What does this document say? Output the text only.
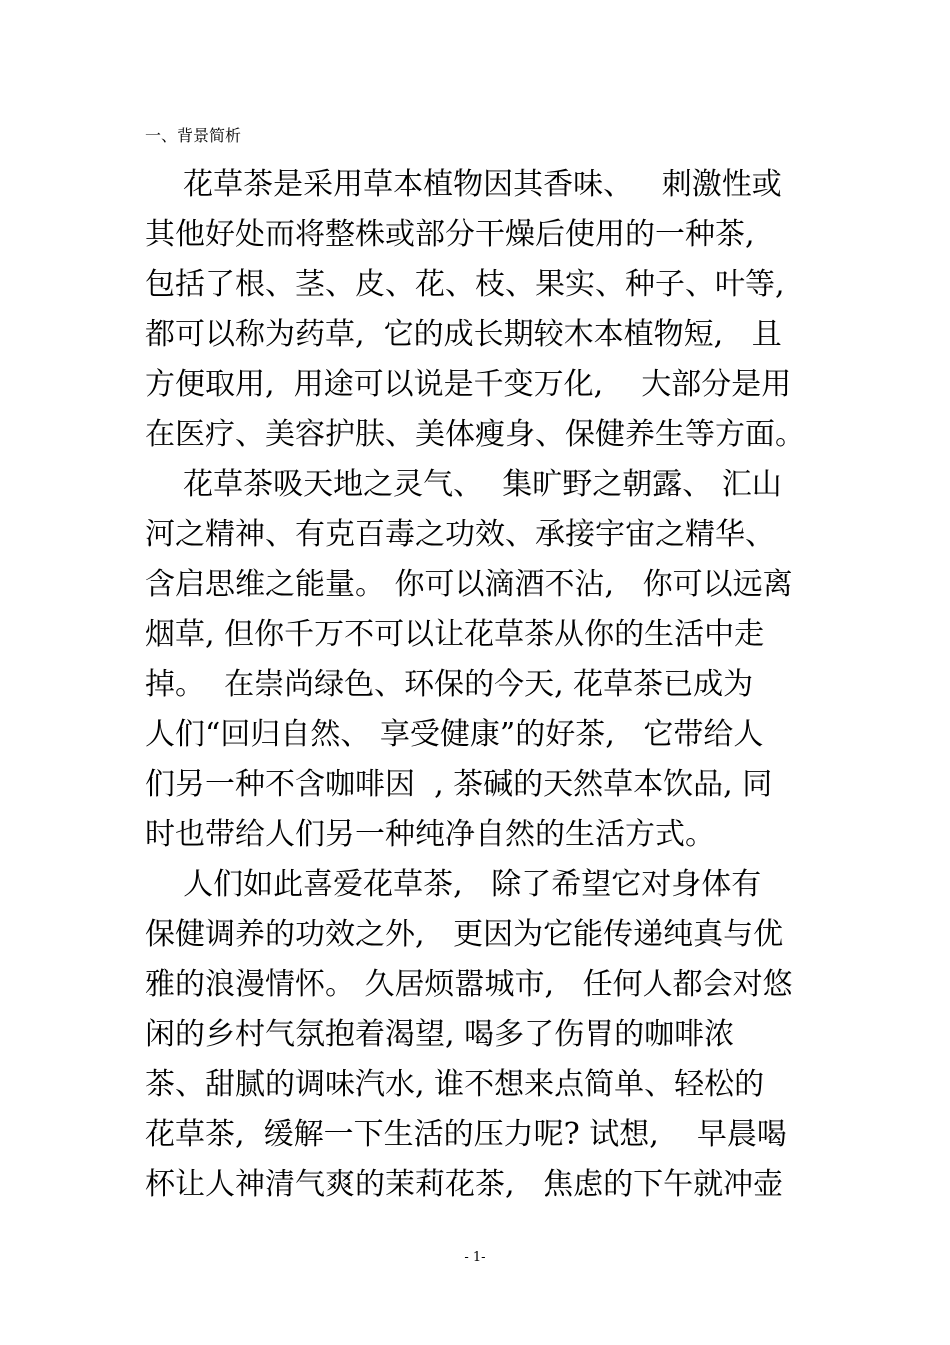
一、背景简析
花草茶是采用草本植物因其香味、   刺激性或
其他好处而将整株或部分干燥后使用的一种茶,
包括了根、茎、皮、花、枝、果实、种子、叶等,
都可以称为药草,  它的成长期较木本植物短,   且
方便取用,  用途可以说是千变万化,    大部分是用
在医疗、美容护肤、美体瘦身、保健养生等方面。
花草茶吸天地之灵气、  集旷野之朝露、 汇山
河之精神、有克百毒之功效、承接宇宙之精华、
含启思维之能量。 你可以滴酒不沾,   你可以远离
烟草, 但你千万不可以让花草茶从你的生活中走
掉。  在崇尚绿色、环保的今天, 花草茶已成为
人们“回归自然、 享受健康”的好茶,   它带给人
们另一种不含咖啡因  , 茶碱的天然草本饮品, 同
时也带给人们另一种纯净自然的生活方式。
人们如此喜爱花草茶,   除了希望它对身体有
保健调养的功效之外,   更因为它能传递纯真与优
雅的浪漫情怀。 久居烦嚣城市,   任何人都会对悠
闲的乡村气氛抱着渴望, 喝多了伤胃的咖啡浓
茶、甜腻的调味汽水, 谁不想来点简单、轻松的
花草茶,  缓解一下生活的压力呢? 试想,    早晨喝
杯让人神清气爽的茉莉花茶,   焦虑的下午就冲壶
- 1-
